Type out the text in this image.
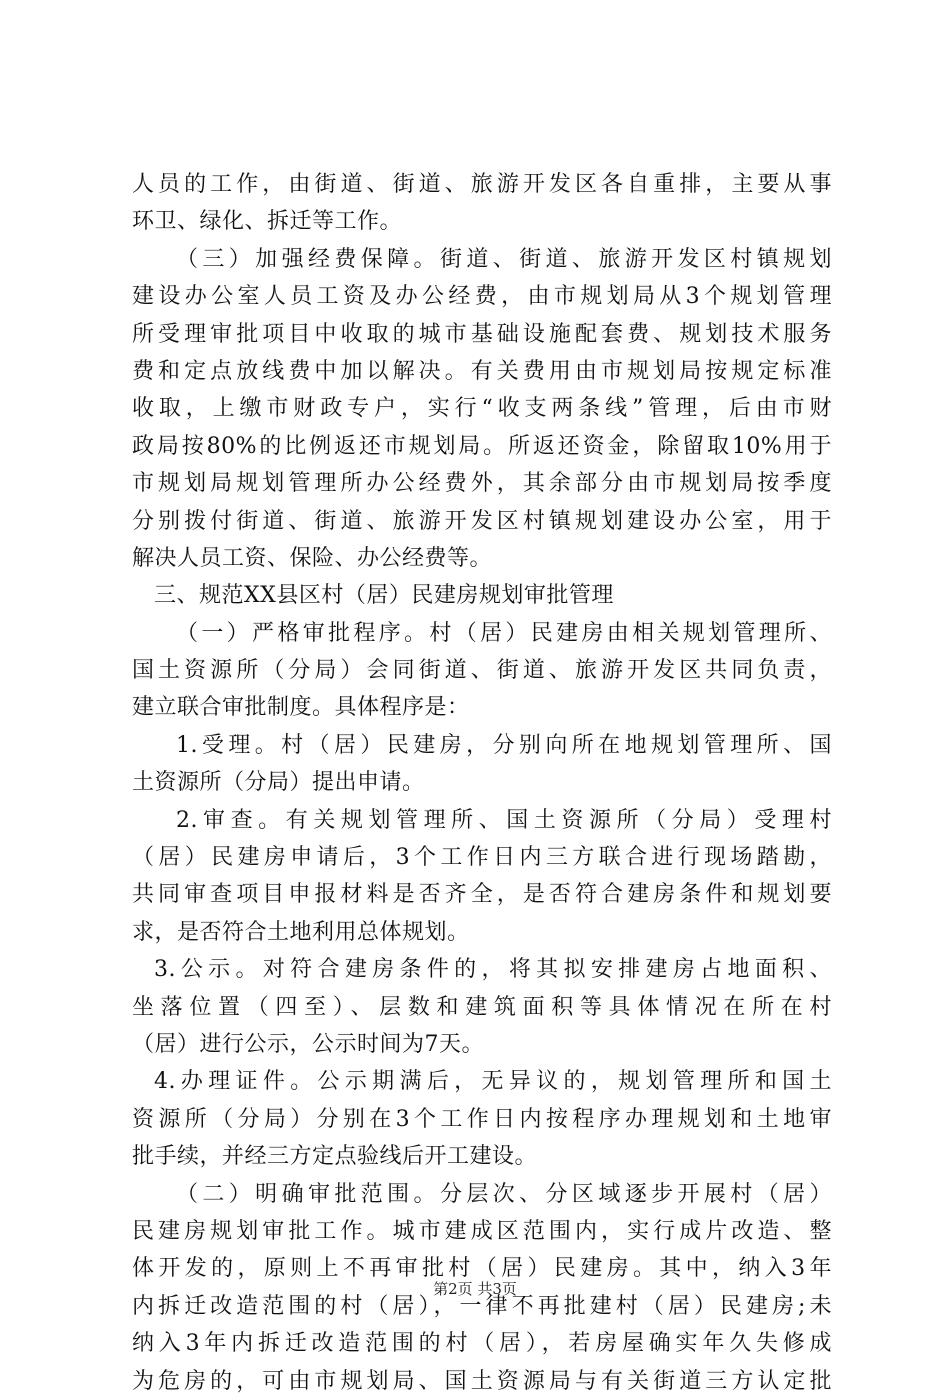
人员的工作，由街道、街道、旅游开发区各自重排，主要从事
环卫、绿化、拆迁等工作。
（三）加强经费保障。街道、街道、旅游开发区村镇规划
建设办公室人员工资及办公经费，由市规划局从3个规划管理
所受理审批项目中收取的城市基础设施配套费、规划技术服务
费和定点放线费中加以解决。有关费用由市规划局按规定标准
收取，上缴市财政专户，实行“收支两条线”管理，后由市财
政局按80%的比例返还市规划局。所返还资金，除留取10%用于
市规划局规划管理所办公经费外，其余部分由市规划局按季度
分别拨付街道、街道、旅游开发区村镇规划建设办公室，用于
解决人员工资、保险、办公经费等。
三、规范XX县区村（居）民建房规划审批管理
（一）严格审批程序。村（居）民建房由相关规划管理所、
国土资源所（分局）会同街道、街道、旅游开发区共同负责，
建立联合审批制度。具体程序是：
1.受理。村（居）民建房，分别向所在地规划管理所、国
土资源所（分局）提出申请。
2.审查。有关规划管理所、国土资源所（分局）受理村
（居）民建房申请后，3个工作日内三方联合进行现场踏勘，
共同审查项目申报材料是否齐全，是否符合建房条件和规划要
求，是否符合土地利用总体规划。
3.公示。对符合建房条件的，将其拟安排建房占地面积、
坐落位置（四至）、层数和建筑面积等具体情况在所在村
（居）进行公示，公示时间为7天。
4.办理证件。公示期满后，无异议的，规划管理所和国土
资源所（分局）分别在3个工作日内按程序办理规划和土地审
批手续，并经三方定点验线后开工建设。
（二）明确审批范围。分层次、分区域逐步开展村（居）
民建房规划审批工作。城市建成区范围内，实行成片改造、整
体开发的，原则上不再审批村（居）民建房。其中，纳入3年
内拆迁改造范围的村（居），一律不再批建村（居）民建房;未
纳入3年内拆迁改造范围的村（居），若房屋确实年久失修成
为危房的，可由市规划局、国土资源局与有关街道三方认定批
第2页 共3页
